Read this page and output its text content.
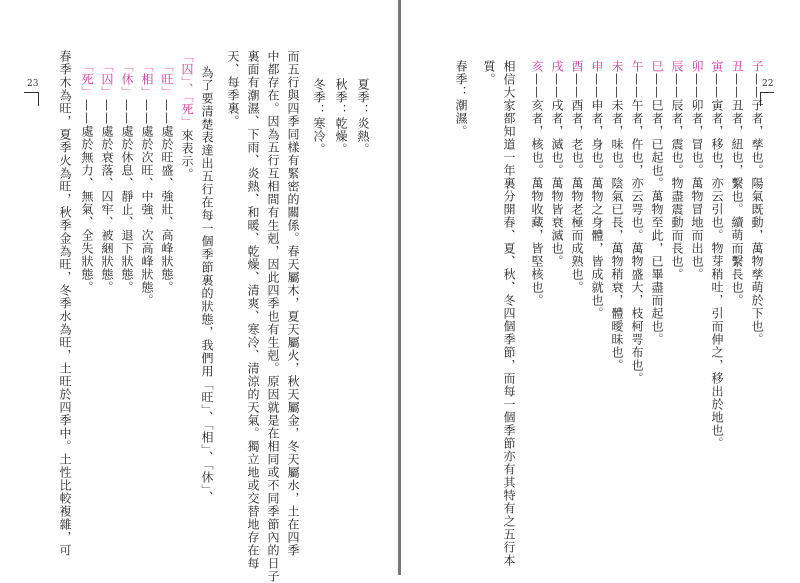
23	夏季：炎熱。
秋季：乾燥。
冬季：寒冷。
而五行與四季同樣有緊密的關係。春天屬木，夏天屬火，秋天屬金，冬天屬水，土在四季
中都存在。因為五行互相間有生剋，因此四季也有生剋。原因就是在相同或不同季節內的日子
裏面有潮濕、下雨、炎熱、和暖、乾燥、清爽、寒冷、清涼的天氣。獨立地或交替地存在每
天、每季裏。
為了要清楚表達出五行在每一個季節裏的狀態，我們用「旺」、「相」、「休」、
「囚」、「死」來表示。
「旺」——處於旺盛、強壯、高峰狀態。
「相」——處於次旺、中強、次高峰狀態。
「休」——處於休息、靜止、退下狀態。
「囚」——處於衰落、囚牢、被綑狀態。
「死」——處於無力、無氣、全失狀態。
春季木為旺，夏季火為旺，秋季金為旺，冬季水為旺，土旺於四季中。土性比較複雜，可	22
子——子者，孳也。陽氣既動，萬物孳萌於下也。
丑——丑者，紐也，繫也。續萌而繫長也。
寅——寅者，移也，亦云引也。物芽稍吐，引而伸之，移出於地也。
卯——卯者，冒也。萬物冒地而出也。
辰——辰者，震也。物盡震動而長也。
巳——巳者，已起也。萬物至此，已畢盡而起也。
午——午者，仵也，亦云咢也。萬物盛大，枝柯咢布也。
未——未者，味也。陰氣已長，萬物稍衰，體曖昧也。
申——申者，身也。萬物之身體，皆成就也。
酉——酉者，老也。萬物老極而成熟也。
戌——戌者，滅也。萬物皆衰滅也。
亥——亥者，核也。萬物收藏，皆堅核也。
相信大家都知道一年裏分開春、夏、秋、冬四個季節，而每一個季節亦有其特有之五行本
質。
春季：潮濕。
